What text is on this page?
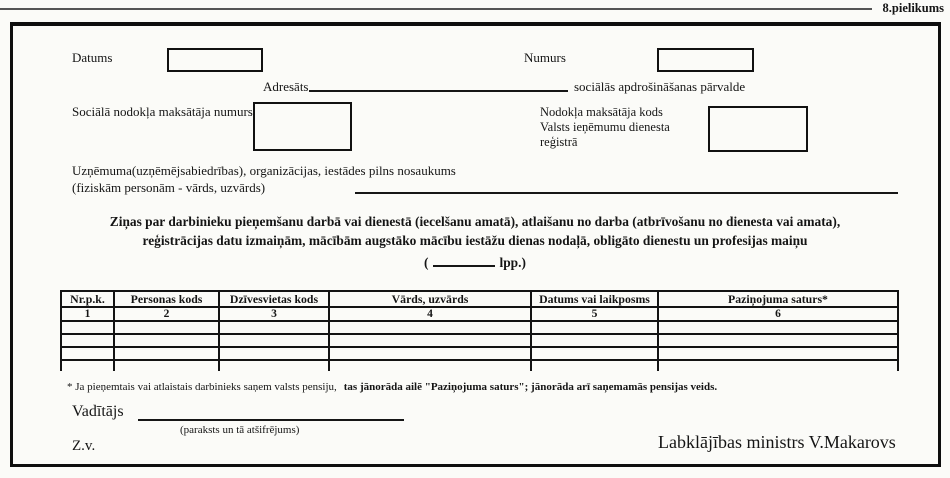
8.pielikums
Datums	Numurs
Adresāts	sociālās apdrošināšanas pārvalde
Sociālā nodokļa maksātāja numurs	Nodokļa maksātāja kods
Valsts ieņēmumu dienesta
reģistrā
Uzņēmuma(uzņēmējsabiedrības), organizācijas, iestādes pilns nosaukums
(fiziskām personām - vārds, uzvārds)
Ziņas par darbinieku pieņemšanu darbā vai dienestā (iecelšanu amatā), atlaišanu no darba (atbrīvošanu no dienesta vai amata),
reģistrācijas datu izmaiņām, mācībām augstāko mācību iestāžu dienas nodaļā, obligāto dienestu un profesijas maiņu
(	lpp.)
Nr.p.k.	Personas kods	Dzīvesvietas kods	Vārds, uzvārds	Datums vai laikposms	Paziņojuma saturs*
1	2	3	4	5	6

* Ja pieņemtais vai atlaistais darbinieks saņem valsts pensiju, tas jānorāda ailē "Paziņojuma saturs"; jānorāda arī saņemamās pensijas veids.
Vadītājs
(paraksts un tā atšifrējums)
Z.v.	Labklājības ministrs V.Makarovs
